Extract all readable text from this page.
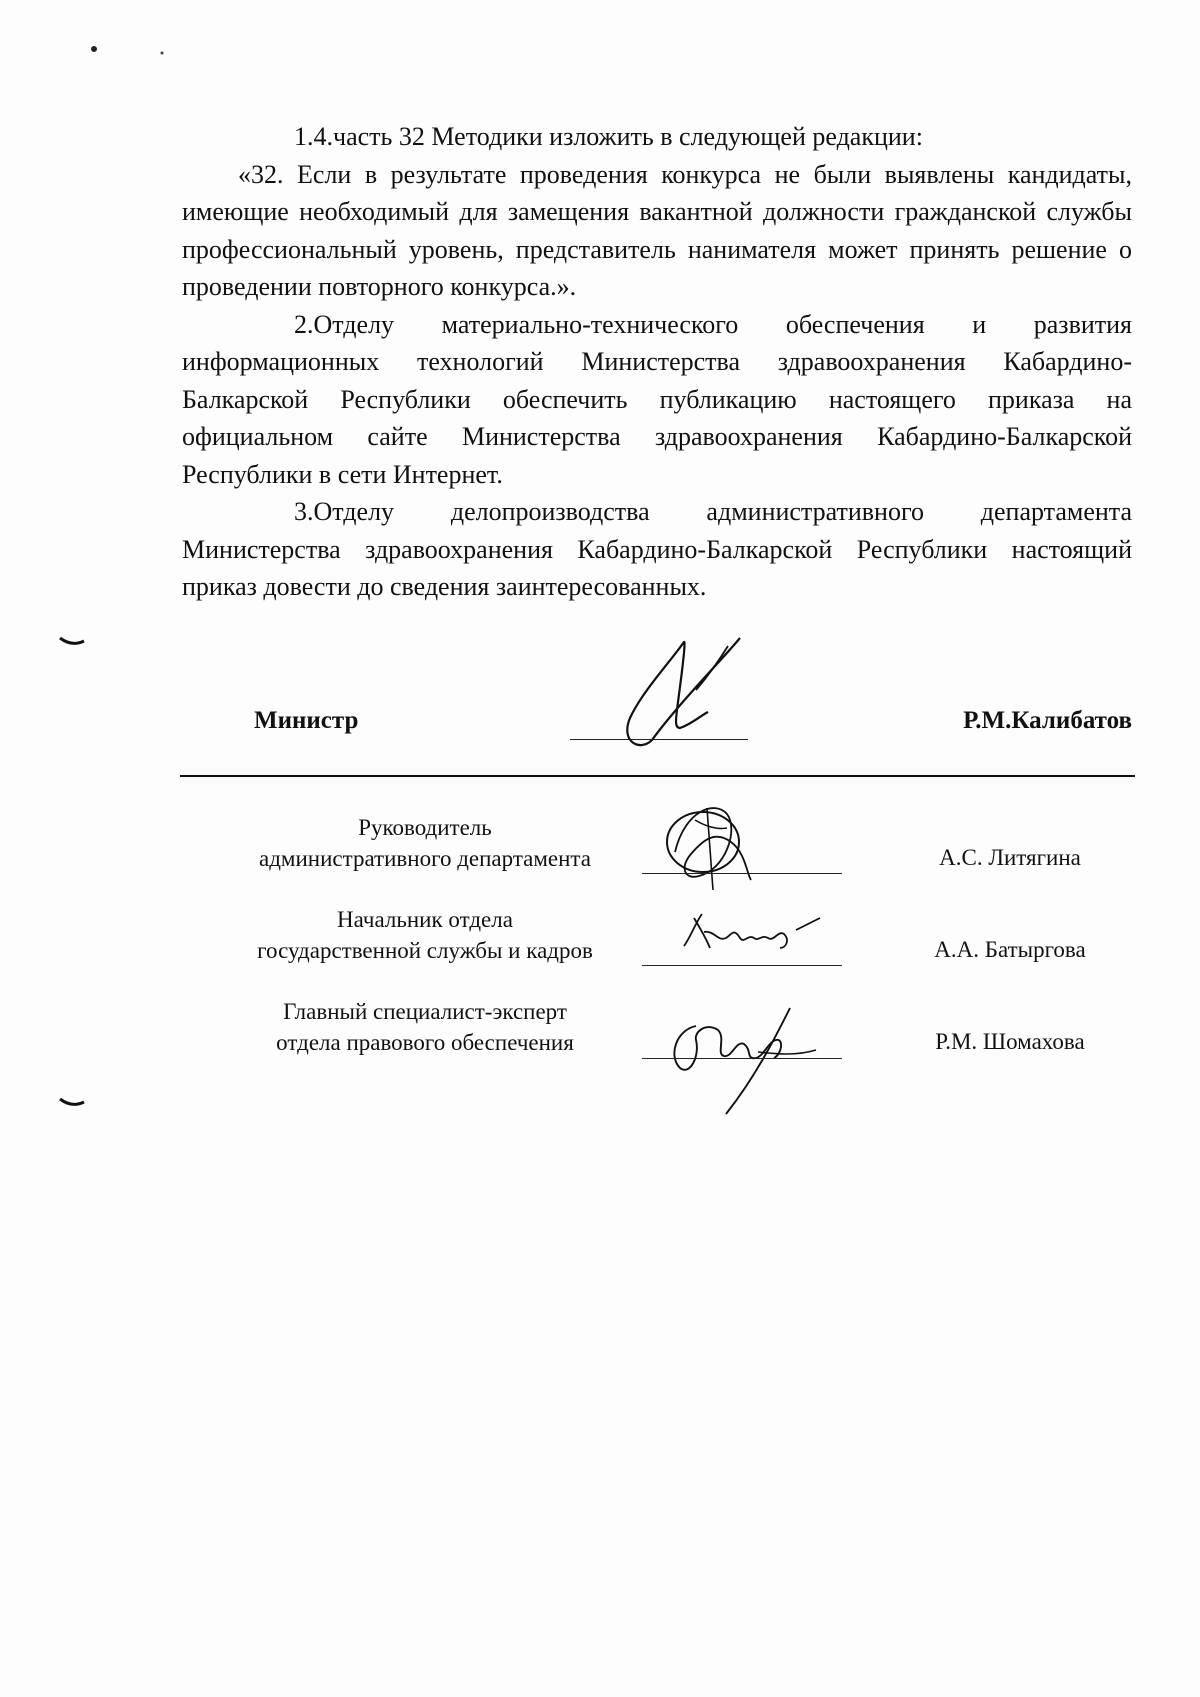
1.4.часть 32 Методики изложить в следующей редакции:

«32. Если в результате проведения конкурса не были выявлены кандидаты, имеющие необходимый для замещения вакантной должности гражданской службы профессиональный уровень, представитель нанимателя может принять решение о проведении повторного конкурса.».

2.Отделу материально-технического обеспечения и развития информационных технологий Министерства здравоохранения Кабардино-Балкарской Республики обеспечить публикацию настоящего приказа на официальном сайте Министерства здравоохранения Кабардино-Балкарской Республики в сети Интернет.

3.Отделу делопроизводства административного департамента Министерства здравоохранения Кабардино-Балкарской Республики настоящий приказ довести до сведения заинтересованных.

Министр	Р.М.Калибатов
Руководитель
административного департамента	А.С. Литягина
Начальник отдела
государственной службы и кадров	А.А. Батыргова
Главный специалист-эксперт
отдела правового обеспечения	Р.М. Шомахова
